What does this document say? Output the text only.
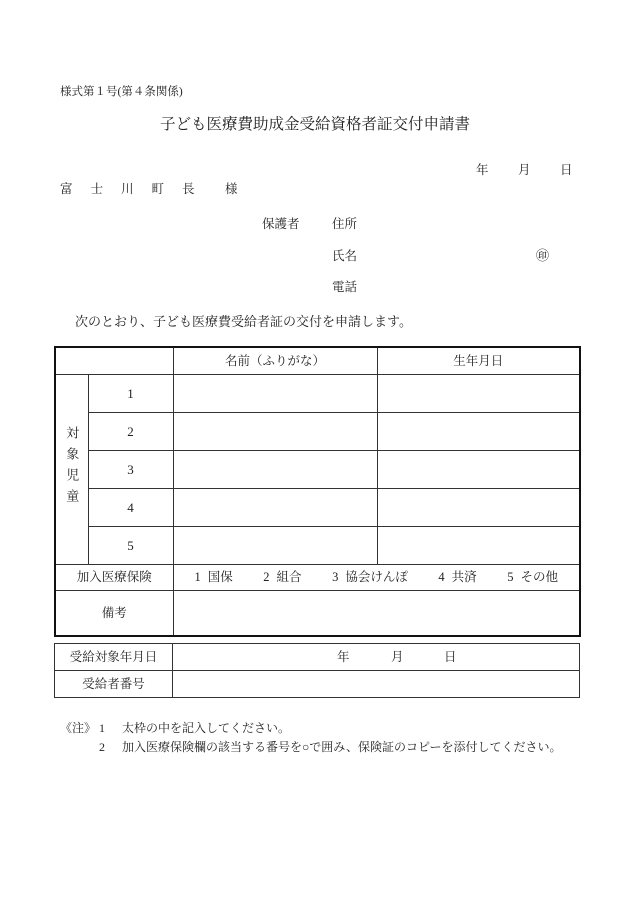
様式第１号(第４条関係)
子ども医療費助成金受給資格者証交付申請書
年 月 日
富士川町長 様
保護者	住所
氏名	㊞
電話
次のとおり、子ども医療費受給者証の交付を申請します。
		名前（ふりがな）	生年月日
対象児童	1		
	2		
	3		
	4		
	5		
加入医療保険		1 国保 2 組合 3 協会けんぽ 4 共済 5 その他	

備考			
受給対象年月日	年 月 日

受給者番号	
《注》 1 太枠の中を記入してください。
2 加入医療保険欄の該当する番号を○で囲み、保険証のコピーを添付してください。
